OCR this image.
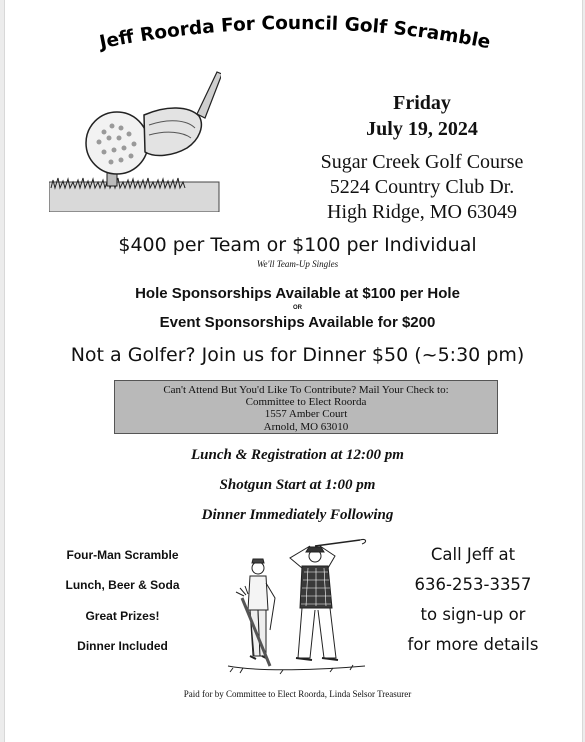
Jeff Roorda For Council Golf Scramble
Friday
July 19, 2024
Sugar Creek Golf Course
5224 Country Club Dr.
High Ridge, MO 63049
$400 per Team or $100 per Individual
We'll Team-Up Singles
Hole Sponsorships Available at $100 per Hole
OR
Event Sponsorships Available for $200
Not a Golfer? Join us for Dinner $50 (~5:30 pm)
Can't Attend But You'd Like To Contribute? Mail Your Check to:
Committee to Elect Roorda
1557 Amber Court
Arnold, MO 63010
Lunch & Registration at 12:00 pm
Shotgun Start at 1:00 pm
Dinner Immediately Following
Four-Man Scramble
Lunch, Beer & Soda
Great Prizes!
Dinner Included
Call Jeff at
636-253-3357
to sign-up or
for more details
Paid for by Committee to Elect Roorda, Linda Selsor Treasurer
